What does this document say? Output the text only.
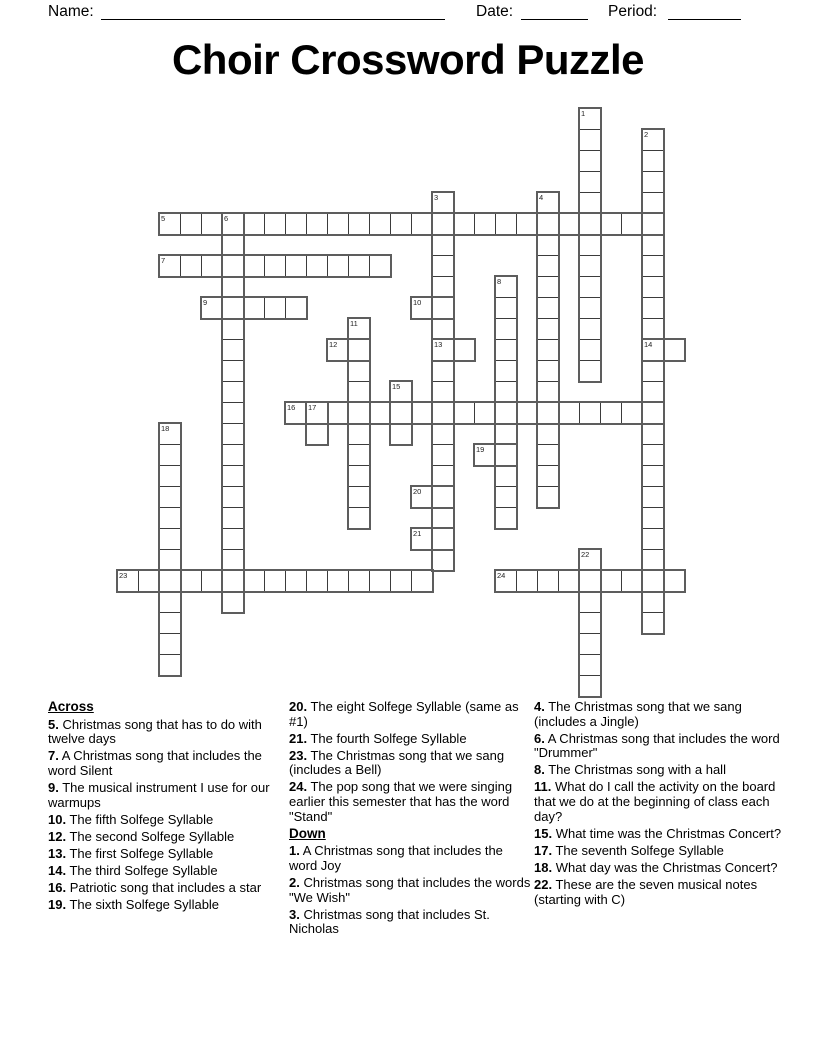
Name:	Date:	Period:
Choir Crossword Puzzle
1
2
3	4
5	6
7
8
9	10
11
12	13	14
15
16 17
18
19
20
21
22
23	24
Across
5. Christmas song that has to do with twelve days
7. A Christmas song that includes the word Silent
9. The musical instrument I use for our warmups
10. The fifth Solfege Syllable
12. The second Solfege Syllable
13. The first Solfege Syllable
14. The third Solfege Syllable
16. Patriotic song that includes a star
19. The sixth Solfege Syllable
20. The eight Solfege Syllable (same as #1)
21. The fourth Solfege Syllable
23. The Christmas song that we sang (includes a Bell)
24. The pop song that we were singing earlier this semester that has the word "Stand"
Down
1. A Christmas song that includes the word Joy
2. Christmas song that includes the words "We Wish"
3. Christmas song that includes St. Nicholas
4. The Christmas song that we sang (includes a Jingle)
6. A Christmas song that includes the word "Drummer"
8. The Christmas song with a hall
11. What do I call the activity on the board that we do at the beginning of class each day?
15. What time was the Christmas Concert?
17. The seventh Solfege Syllable
18. What day was the Christmas Concert?
22. These are the seven musical notes (starting with C)
